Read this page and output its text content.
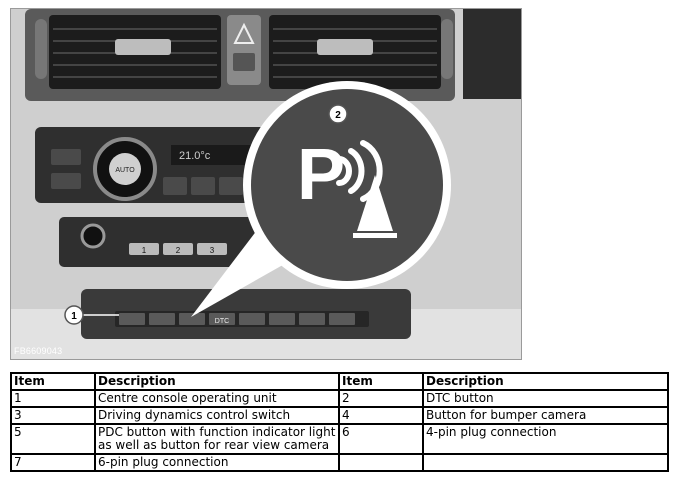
AUTO
21.0°c
1	2	3
DTC
P
2
1
FB6609043
Item	Description	Item	Description
1	Centre console operating unit	2	DTC button
3	Driving dynamics control switch	4	Button for bumper camera
5	PDC button with function indicator light as well as button for rear view camera	6	4-pin plug connection
7	6-pin plug connection		
